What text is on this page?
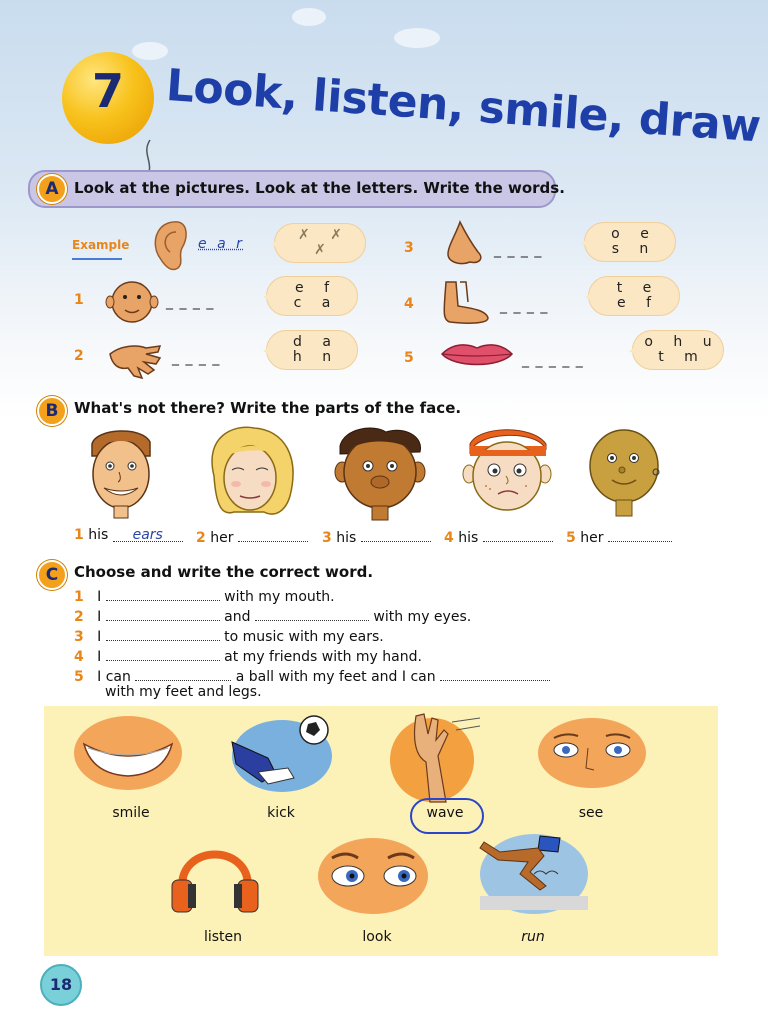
7 Look, listen, smile, draw
A	Look at the pictures. Look at the letters. Write the words.
Example	e a r
✗ ✗
✗
1	_ _ _ _
e f
c a
2	_ _ _ _
d a
h n
3	_ _ _ _
o e
s n
4	_ _ _ _
t e
e f
5	_ _ _ _ _
o h u
t m
B	What's not there? Write the parts of the face.
1 his ears	2 her	3 his	4 his	5 her
C	Choose and write the correct word.
1 I	with my mouth.
2 I	and	with my eyes.
3 I	to music with my ears.
4 I	at my friends with my hand.
5 I can	a ball with my feet and I can
with my feet and legs.
smile	kick	wave	see
listen	look	run
18
